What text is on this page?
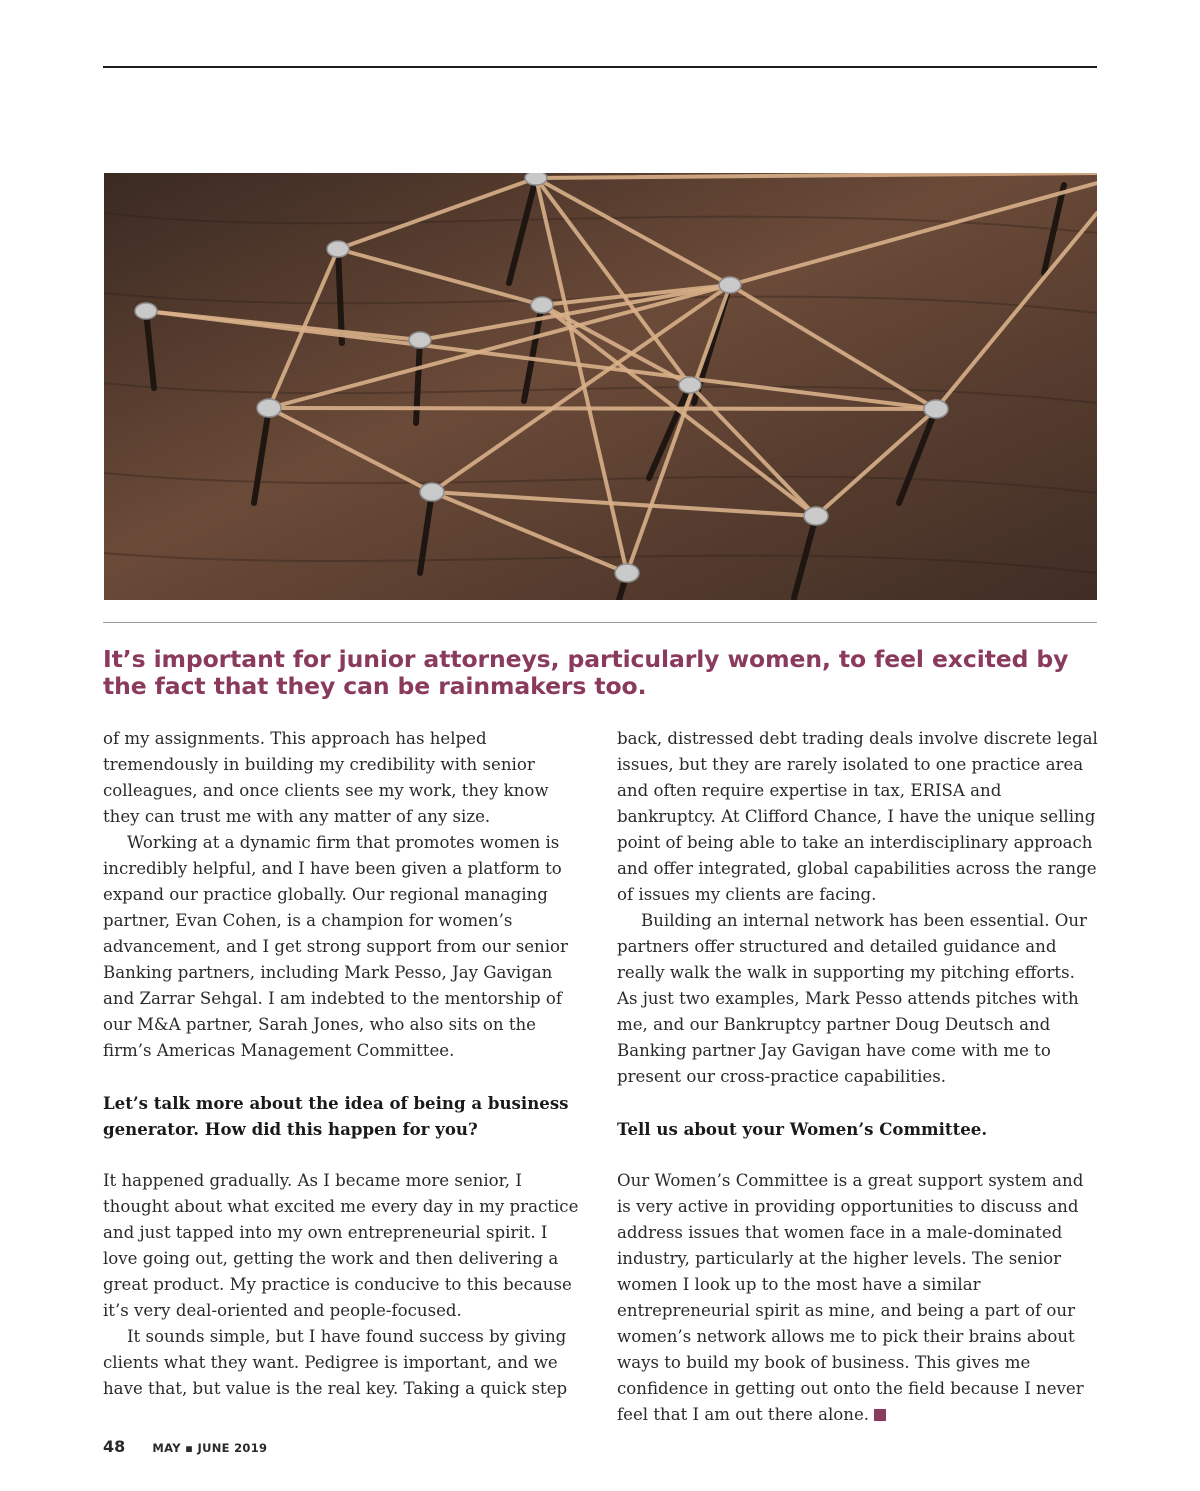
It’s important for junior attorneys, particularly women, to feel excited by the fact that they can be rainmakers too.

of my assignments. This approach has helped tremendously in building my credibility with senior colleagues, and once clients see my work, they know they can trust me with any matter of any size.

Working at a dynamic firm that promotes women is incredibly helpful, and I have been given a platform to expand our practice globally. Our regional managing partner, Evan Cohen, is a champion for women’s advancement, and I get strong support from our senior Banking partners, including Mark Pesso, Jay Gavigan and Zarrar Sehgal. I am indebted to the mentorship of our M&A partner, Sarah Jones, who also sits on the firm’s Americas Management Committee.

Let’s talk more about the idea of being a business generator. How did this happen for you?

It happened gradually. As I became more senior, I thought about what excited me every day in my practice and just tapped into my own entrepreneurial spirit. I love going out, getting the work and then delivering a great product. My practice is conducive to this because it’s very deal-oriented and people-focused.

It sounds simple, but I have found success by giving clients what they want. Pedigree is important, and we have that, but value is the real key. Taking a quick step

back, distressed debt trading deals involve discrete legal issues, but they are rarely isolated to one practice area and often require expertise in tax, ERISA and bankruptcy. At Clifford Chance, I have the unique selling point of being able to take an interdisciplinary approach and offer integrated, global capabilities across the range of issues my clients are facing.

Building an internal network has been essential. Our partners offer structured and detailed guidance and really walk the walk in supporting my pitching efforts. As just two examples, Mark Pesso attends pitches with me, and our Bankruptcy partner Doug Deutsch and Banking partner Jay Gavigan have come with me to present our cross-practice capabilities.

Tell us about your Women’s Committee.

Our Women’s Committee is a great support system and is very active in providing opportunities to discuss and address issues that women face in a male-dominated industry, particularly at the higher levels. The senior women I look up to the most have a similar entrepreneurial spirit as mine, and being a part of our women’s network allows me to pick their brains about ways to build my book of business. This gives me confidence in getting out onto the field because I never feel that I am out there alone.

48 MAY ▪ JUNE 2019
